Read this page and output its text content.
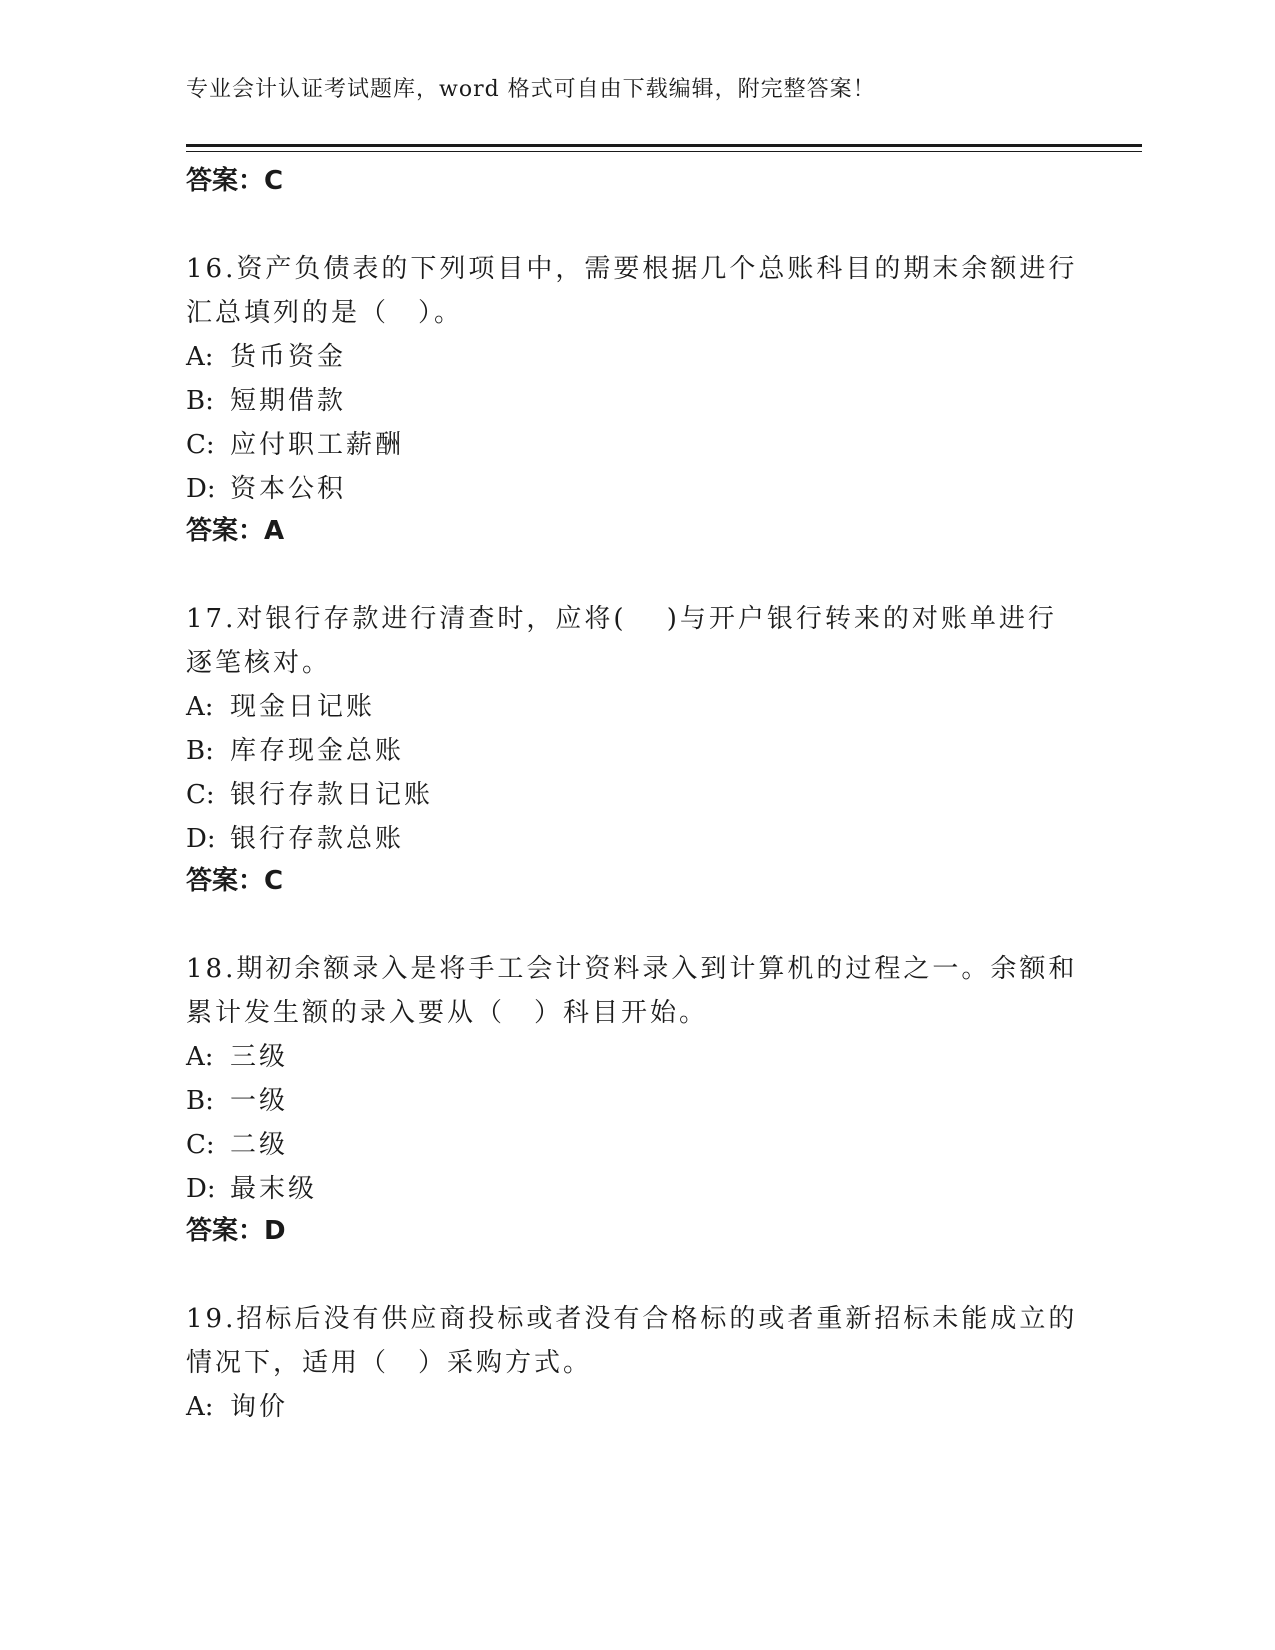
专业会计认证考试题库，word 格式可自由下载编辑，附完整答案！
答案：C
16.资产负债表的下列项目中，需要根据几个总账科目的期末余额进行
汇总填列的是（　）。
A: 货币资金
B: 短期借款
C: 应付职工薪酬
D: 资本公积
答案：A
17.对银行存款进行清查时，应将(　 )与开户银行转来的对账单进行
逐笔核对。
A: 现金日记账
B: 库存现金总账
C: 银行存款日记账
D: 银行存款总账
答案：C
18.期初余额录入是将手工会计资料录入到计算机的过程之一。余额和
累计发生额的录入要从（　）科目开始。
A: 三级
B: 一级
C: 二级
D: 最末级
答案：D
19.招标后没有供应商投标或者没有合格标的或者重新招标未能成立的
情况下，适用（　）采购方式。
A: 询价
